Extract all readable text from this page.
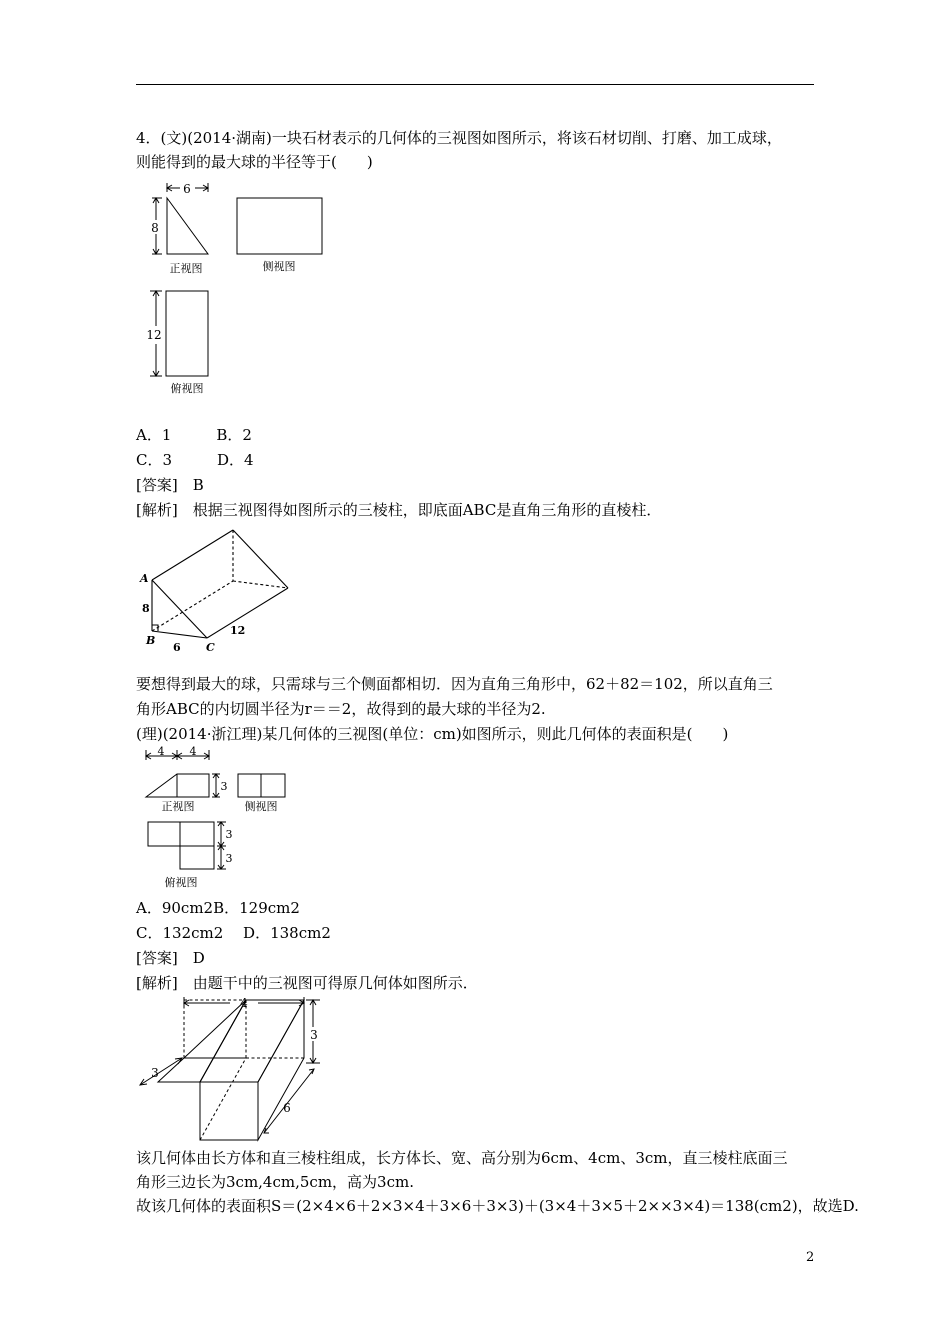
4．(文)(2014·湖南)一块石材表示的几何体的三视图如图所示，将该石材切削、打磨、加工成球，
则能得到的最大球的半径等于(　　)
6
8
正视图	侧视图
12
俯视图
A．1　　　B．2
C．3　　　D．4
[答案]　B
[解析]　根据三视图得如图所示的三棱柱，即底面ABC是直角三角形的直棱柱．
A
B
C
8
6
12
要想得到最大的球，只需球与三个侧面都相切．因为直角三角形中，62＋82＝102，所以直角三
角形ABC的内切圆半径为r＝＝2，故得到的最大球的半径为2.
(理)(2014·浙江理)某几何体的三视图(单位：cm)如图所示，则此几何体的表面积是(　　)
4 4
3
正视图	侧视图
3
3
俯视图
A．90cm2B．129cm2
C．132cm2　 D．138cm2
[答案]　D
[解析]　由题干中的三视图可得原几何体如图所示．
4
3
3
6
该几何体由长方体和直三棱柱组成，长方体长、宽、高分别为6cm、4cm、3cm，直三棱柱底面三
角形三边长为3cm,4cm,5cm，高为3cm.
故该几何体的表面积S＝(2×4×6＋2×3×4＋3×6＋3×3)＋(3×4＋3×5＋2××3×4)＝138(cm2)，故选D.
2
